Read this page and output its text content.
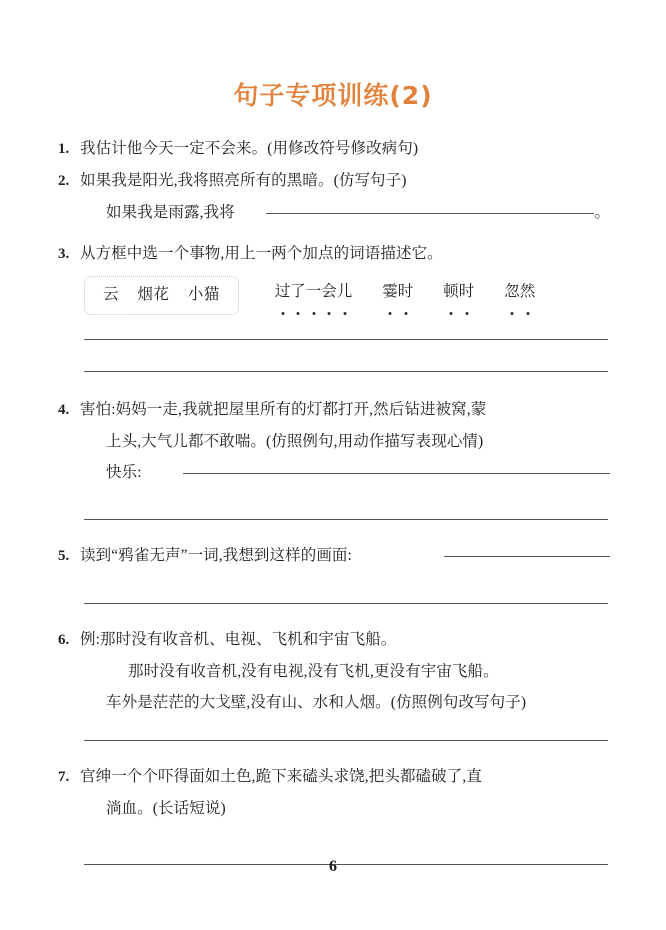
句子专项训练(2)
1. 我估计他今天一定不会来。(用修改符号修改病句)
2. 如果我是阳光,我将照亮所有的黑暗。(仿写句子)
如果我是雨露,我将	。
3. 从方框中选一个事物,用上一两个加点的词语描述它。
云 烟花 小猫	过 了 一 会 儿 霎 时 顿 时 忽 然
4. 害怕:妈妈一走,我就把屋里所有的灯都打开,然后钻进被窝,蒙
上头,大气儿都不敢喘。(仿照例句,用动作描写表现心情)
快乐:
5. 读到“鸦雀无声”一词,我想到这样的画面:
6. 例:那时没有收音机、电视、飞机和宇宙飞船。
那时没有收音机,没有电视,没有飞机,更没有宇宙飞船。
车外是茫茫的大戈壁,没有山、水和人烟。(仿照例句改写句子)
7. 官绅一个个吓得面如土色,跪下来磕头求饶,把头都磕破了,直
淌血。(长话短说)
6
